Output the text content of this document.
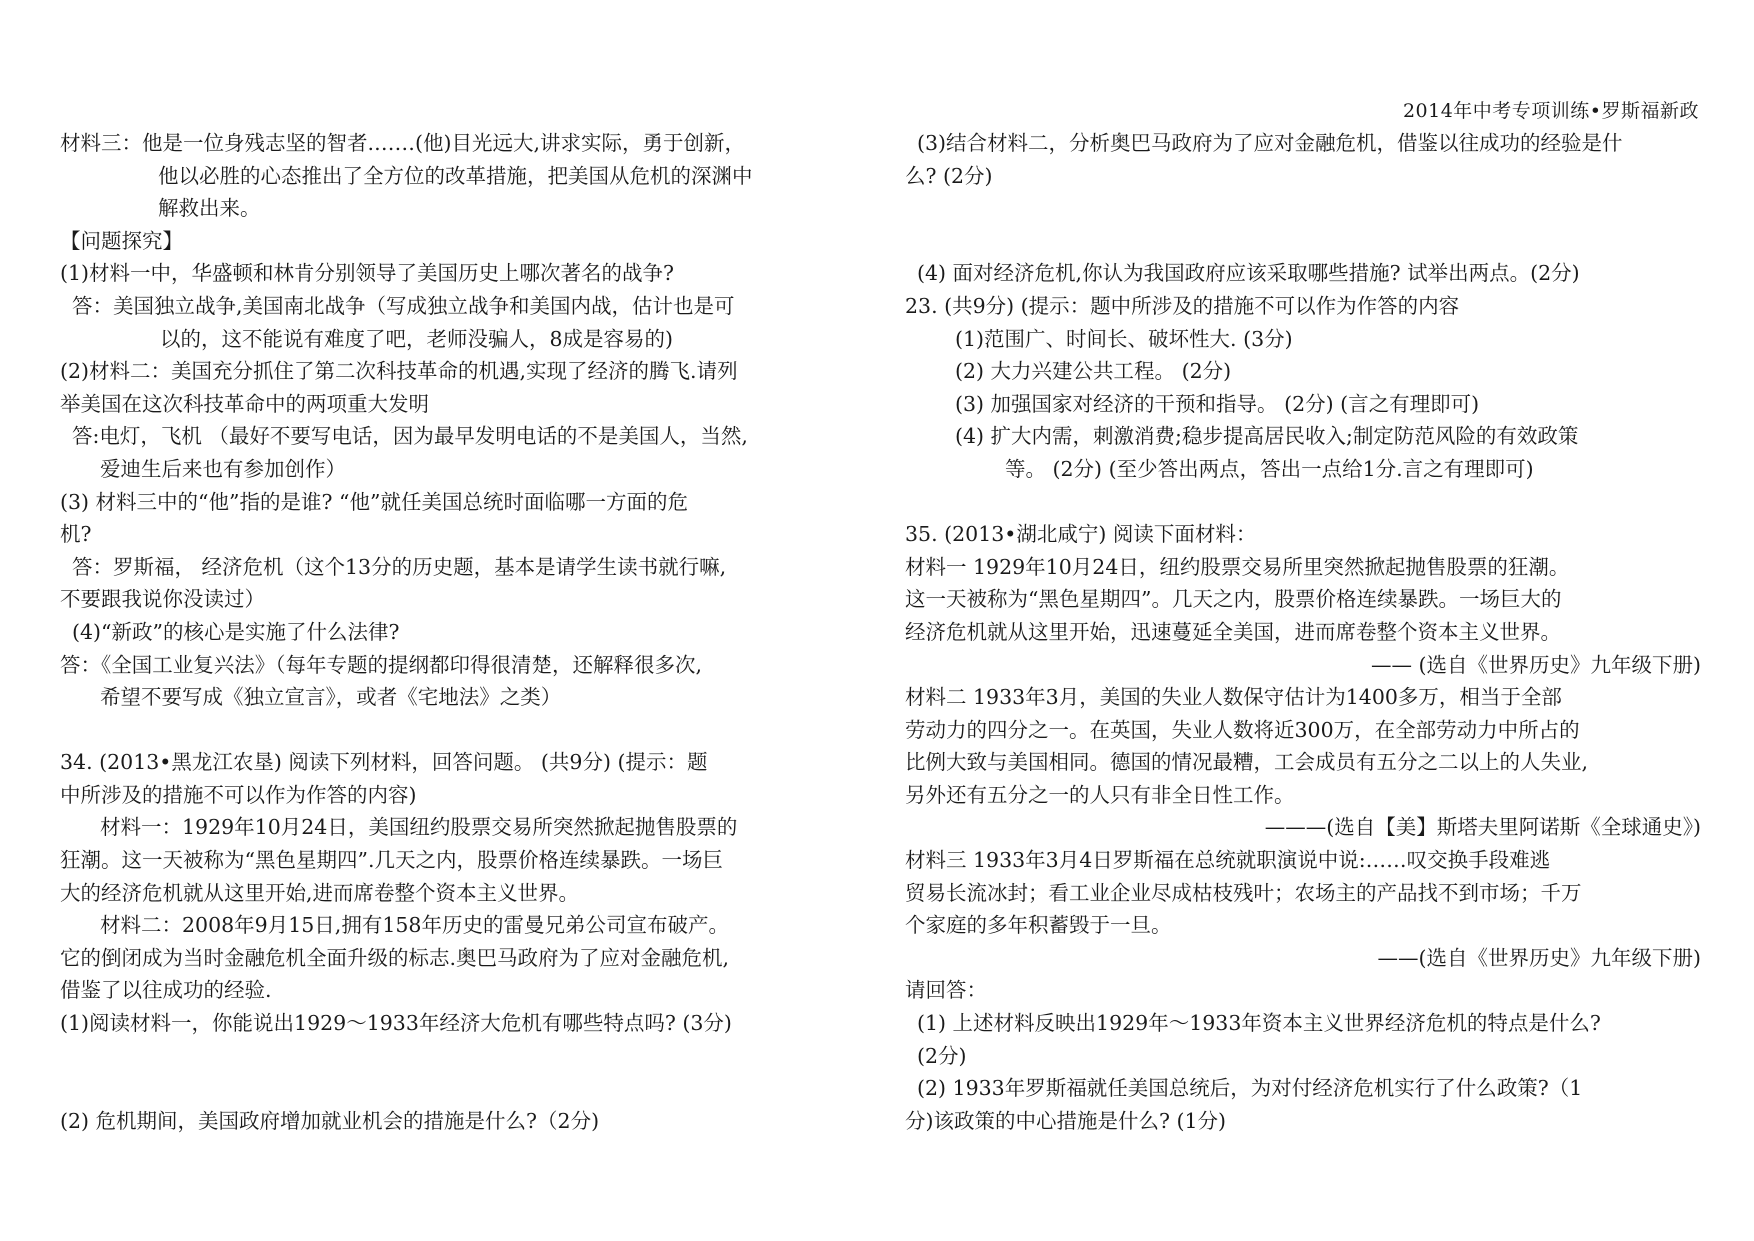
2014年中考专项训练•罗斯福新政

材料三：他是一位身残志坚的智者.……(他)目光远大,讲求实际，勇于创新，

他以必胜的心态推出了全方位的改革措施，把美国从危机的深渊中

解救出来。

【问题探究】

(1)材料一中，华盛顿和林肯分别领导了美国历史上哪次著名的战争?

答：美国独立战争,美国南北战争（写成独立战争和美国内战，估计也是可

以的，这不能说有难度了吧，老师没骗人，8成是容易的)

(2)材料二：美国充分抓住了第二次科技革命的机遇,实现了经济的腾飞.请列

举美国在这次科技革命中的两项重大发明

答:电灯，飞机 （最好不要写电话，因为最早发明电话的不是美国人，当然,

爱迪生后来也有参加创作）

(3) 材料三中的“他”指的是谁? “他”就任美国总统时面临哪一方面的危

机?

答：罗斯福， 经济危机（这个13分的历史题，基本是请学生读书就行嘛,

不要跟我说你没读过）

(4)“新政”的核心是实施了什么法律?

答：《全国工业复兴法》（每年专题的提纲都印得很清楚，还解释很多次,

希望不要写成《独立宣言》，或者《宅地法》之类）

34. (2013•黑龙江农垦) 阅读下列材料，回答问题。 (共9分) (提示：题

中所涉及的措施不可以作为作答的内容)

材料一：1929年10月24日，美国纽约股票交易所突然掀起抛售股票的

狂潮。这一天被称为“黑色星期四”.几天之内，股票价格连续暴跌。一场巨

大的经济危机就从这里开始,进而席卷整个资本主义世界。

材料二：2008年9月15日,拥有158年历史的雷曼兄弟公司宣布破产。

它的倒闭成为当时金融危机全面升级的标志.奥巴马政府为了应对金融危机,

借鉴了以往成功的经验.

(1)阅读材料一，你能说出1929～1933年经济大危机有哪些特点吗? (3分)

(2) 危机期间，美国政府增加就业机会的措施是什么?（2分)

(3)结合材料二，分析奥巴马政府为了应对金融危机，借鉴以往成功的经验是什

么? (2分)

(4) 面对经济危机,你认为我国政府应该采取哪些措施? 试举出两点。(2分)

23. (共9分) (提示：题中所涉及的措施不可以作为作答的内容

(1)范围广、时间长、破坏性大. (3分)

(2) 大力兴建公共工程。 (2分)

(3) 加强国家对经济的干预和指导。 (2分) (言之有理即可)

(4) 扩大内需，刺激消费;稳步提高居民收入;制定防范风险的有效政策

等。 (2分) (至少答出两点，答出一点给1分.言之有理即可)

35. (2013•湖北咸宁) 阅读下面材料：

材料一 1929年10月24日，纽约股票交易所里突然掀起抛售股票的狂潮。

这一天被称为“黑色星期四”。几天之内，股票价格连续暴跌。一场巨大的

经济危机就从这里开始，迅速蔓延全美国，进而席卷整个资本主义世界。

—— (选自《世界历史》九年级下册)

材料二 1933年3月，美国的失业人数保守估计为1400多万，相当于全部

劳动力的四分之一。在英国，失业人数将近300万，在全部劳动力中所占的

比例大致与美国相同。德国的情况最糟，工会成员有五分之二以上的人失业,

另外还有五分之一的人只有非全日性工作。

———(选自【美】斯塔夫里阿诺斯《全球通史》)

材料三 1933年3月4日罗斯福在总统就职演说中说:……叹交换手段难逃

贸易长流冰封；看工业企业尽成枯枝残叶；农场主的产品找不到市场；千万

个家庭的多年积蓄毁于一旦。

——(选自《世界历史》九年级下册)

请回答：

(1) 上述材料反映出1929年～1933年资本主义世界经济危机的特点是什么?

(2分)

(2) 1933年罗斯福就任美国总统后，为对付经济危机实行了什么政策?（1

分)该政策的中心措施是什么? (1分)
